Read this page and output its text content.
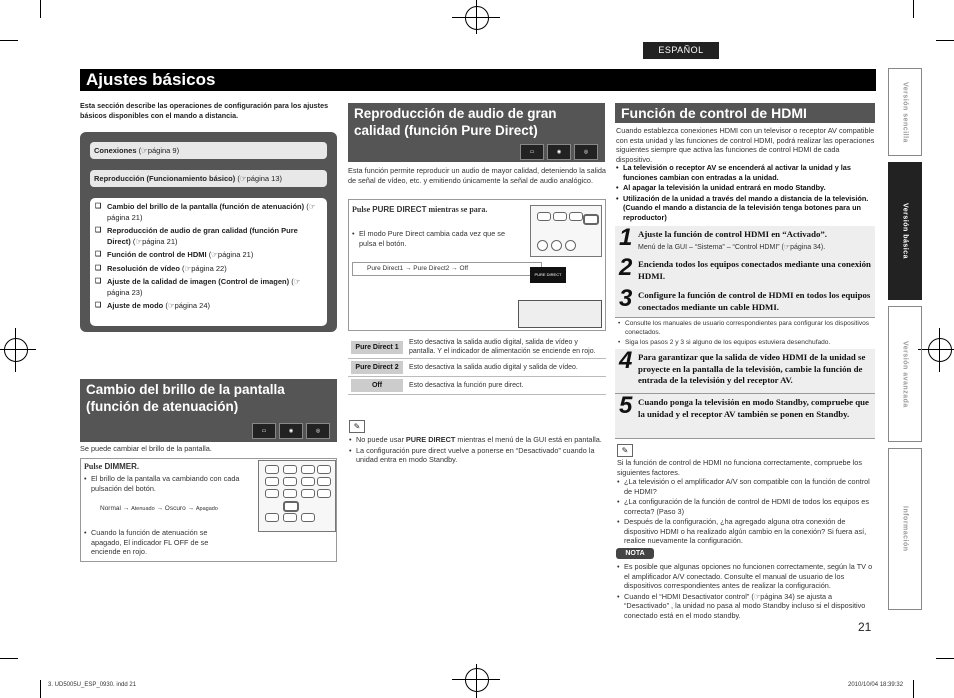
ESPAÑOL
Ajustes básicos
Versión sencilla
Versión básica
Versión avanzada
Información
Esta sección describe las operaciones de configuración para los ajustes básicos disponibles con el mando a distancia.
Conexiones (☞página 9)
Reproducción (Funcionamiento básico) (☞página 13)
❑ Cambio del brillo de la pantalla (función de atenuación) (☞página 21)
❑ Reproducción de audio de gran calidad (función Pure Direct) (☞página 21)
❑ Función de control de HDMI (☞página 21)
❑ Resolución de vídeo (☞página 22)
❑ Ajuste de la calidad de imagen (Control de imagen) (☞página 23)
❑ Ajuste de modo (☞página 24)
Cambio del brillo de la pantalla (función de atenuación)
▭	◉	◎
Se puede cambiar el brillo de la pantalla.
Pulse DIMMER.
• El brillo de la pantalla va cambiando con cada pulsación del botón.
Normal → Atenuado → Oscuro → Apagado
• Cuando la función de atenuación se apagado, El indicador FL OFF de se enciende en rojo.
Reproducción de audio de gran calidad (función Pure Direct)
▭	◉	◎
Esta función permite reproducir un audio de mayor calidad, deteniendo la salida de señal de vídeo, etc. y emitiendo únicamente la señal de audio analógico.
Pulse PURE DIRECT mientras se para.
• El modo Pure Direct cambia cada vez que se pulsa el botón.
Pure Direct1 → Pure Direct2 → Off
PURE DIRECT
Pure Direct 1	Esto desactiva la salida audio digital, salida de vídeo y pantalla. Y el indicador de alimentación se enciende en rojo.

Pure Direct 2	Esto desactiva la salida audio digital y salida de vídeo.

Off	Esto desactiva la función pure direct.
✎
• No puede usar PURE DIRECT mientras el menú de la GUI está en pantalla.
• La configuración pure direct vuelve a ponerse en “Desactivado” cuando la unidad entra en modo Standby.
Función de control de HDMI
Cuando establezca conexiones HDMI con un televisor o receptor AV compatible con esta unidad y las funciones de control HDMI, podrá realizar las operaciones siguientes siempre que activa las funciones de control HDMI de cada dispositivo.
• La televisión o receptor AV se encenderá al activar la unidad y las funciones cambian con entradas a la unidad.
• Al apagar la televisión la unidad entrará en modo Standby.
• Utilización de la unidad a través del mando a distancia de la televisión.(Cuando el mando a distancia de la televisión tenga botones para un reproductor)
1 Ajuste la función de control HDMI en “Activado”.
Menú de la GUI – “Sistema” – “Control HDMI” (☞página 34).
2 Encienda todos los equipos conectados mediante una conexión HDMI.
3 Configure la función de control de HDMI en todos los equipos conectados mediante un cable HDMI.
• Consulte los manuales de usuario correspondientes para configurar los dispositivos conectados.
• Siga los pasos 2 y 3 si alguno de los equipos estuviera desenchufado.
4 Para garantizar que la salida de vídeo HDMI de la unidad se proyecte en la pantalla de la televisión, cambie la función de entrada de la televisión y del receptor AV.
5 Cuando ponga la televisión en modo Standby, compruebe que la unidad y el receptor AV también se ponen en Standby.
✎
Si la función de control de HDMI no funciona correctamente, compruebe los siguientes factores.
• ¿La televisión o el amplificador A/V son compatible con la función de control de HDMI?
• ¿La configuración de la función de control de HDMI de todos los equipos es correcta? (Paso 3)
• Después de la configuración, ¿ha agregado alguna otra conexión de dispositivo HDMI o ha realizado algún cambio en la conexión? Si fuera así, realice nuevamente la configuración.
NOTA
• Es posible que algunas opciones no funcionen correctamente, según la TV o el amplificador A/V conectado. Consulte el manual de usuario de los dispositivos correspondientes antes de realizar la configuración.
• Cuando el “HDMI Desactivator control” (☞página 34) se ajusta a “Desactivado” , la unidad no pasa al modo Standby incluso si el dispositivo conectado está en el modo standby.
21
3. UD5005U_ESP_0930. indd 21	2010/10/04 18:39:32
